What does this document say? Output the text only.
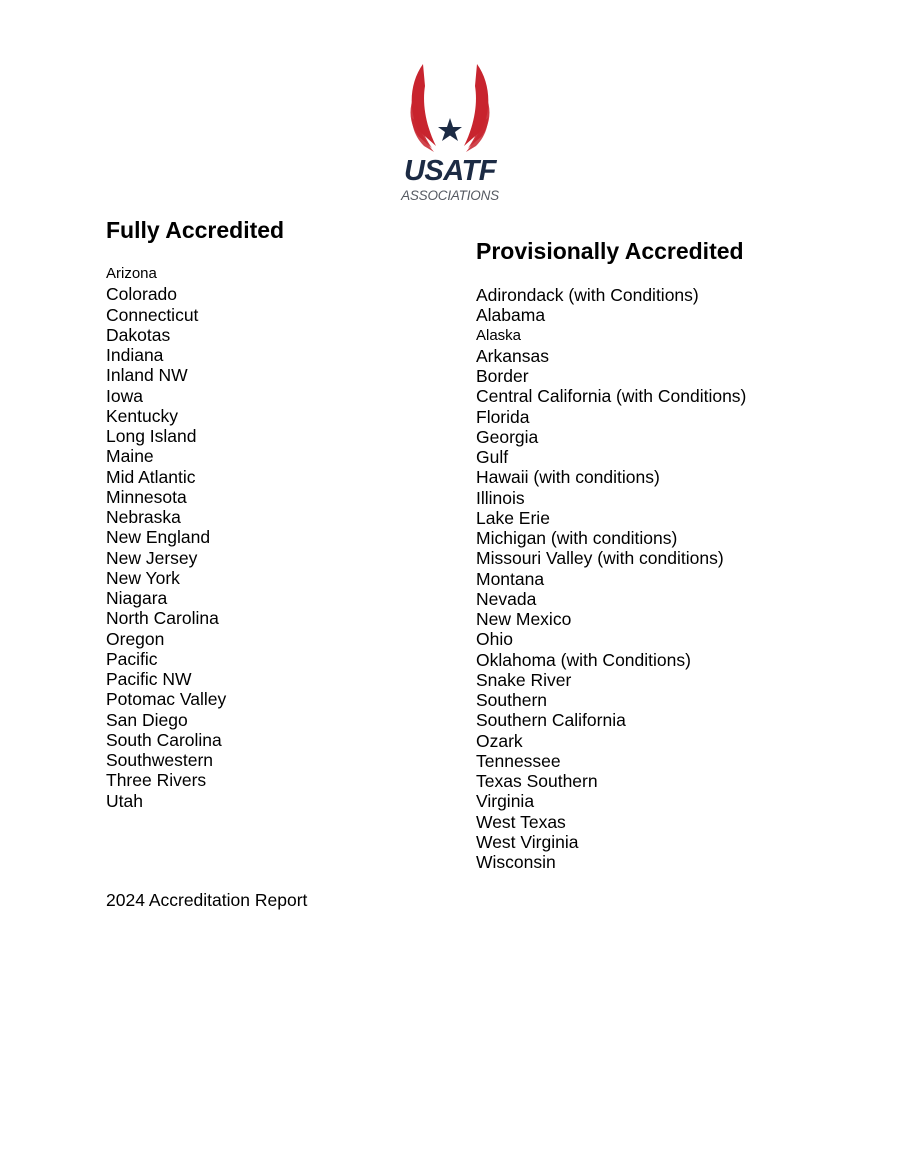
USATF
ASSOCIATIONS
Fully Accredited
Arizona
Colorado
Connecticut
Dakotas
Indiana
Inland NW
Iowa
Kentucky
Long Island
Maine
Mid Atlantic
Minnesota
Nebraska
New England
New Jersey
New York
Niagara
North Carolina
Oregon
Pacific
Pacific NW
Potomac Valley
San Diego
South Carolina
Southwestern
Three Rivers
Utah
Provisionally Accredited
Adirondack (with Conditions)
Alabama
Alaska
Arkansas
Border
Central California (with Conditions)
Florida
Georgia
Gulf
Hawaii (with conditions)
Illinois
Lake Erie
Michigan (with conditions)
Missouri Valley (with conditions)
Montana
Nevada
New Mexico
Ohio
Oklahoma (with Conditions)
Snake River
Southern
Southern California
Ozark
Tennessee
Texas Southern
Virginia
West Texas
West Virginia
Wisconsin
2024 Accreditation Report
